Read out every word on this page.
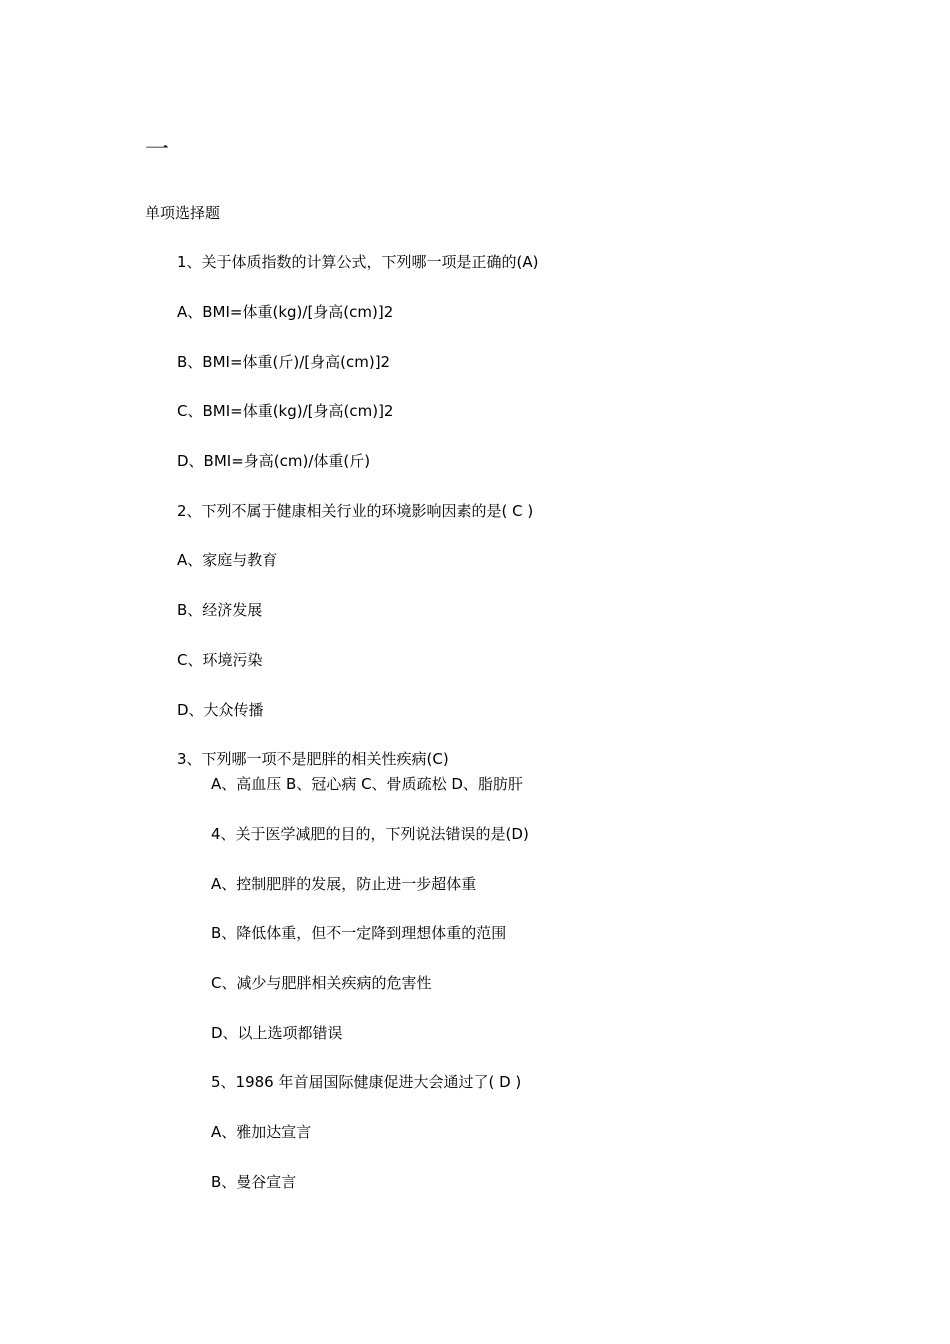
一
单项选择题
1、关于体质指数的计算公式，下列哪一项是正确的(A)
A、BMI=体重(kg)/[身高(cm)]2
B、BMI=体重(斤)/[身高(cm)]2
C、BMI=体重(kg)/[身高(cm)]2
D、BMI=身高(cm)/体重(斤)
2、下列不属于健康相关行业的环境影响因素的是( C )
A、家庭与教育
B、经济发展
C、环境污染
D、大众传播
3、下列哪一项不是肥胖的相关性疾病(C)
A、高血压 B、冠心病 C、骨质疏松 D、脂肪肝
4、关于医学减肥的目的，下列说法错误的是(D)
A、控制肥胖的发展，防止进一步超体重
B、降低体重，但不一定降到理想体重的范围
C、减少与肥胖相关疾病的危害性
D、以上选项都错误
5、1986 年首届国际健康促进大会通过了( D )
A、雅加达宣言
B、曼谷宣言
